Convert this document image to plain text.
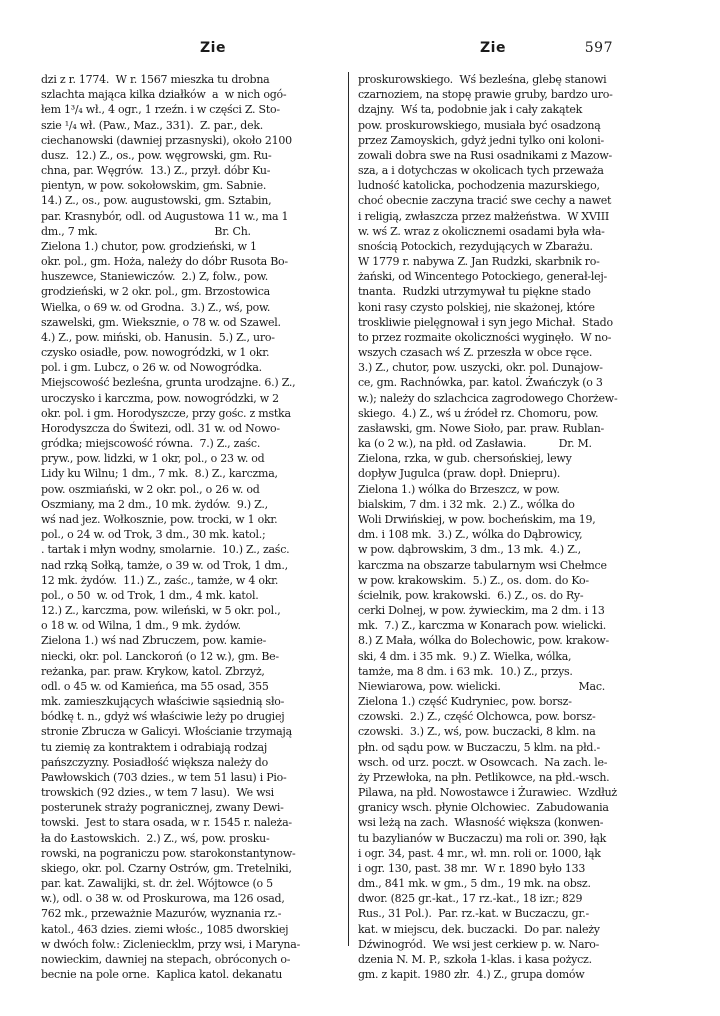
Zie	Zie	597
dzi z r. 1774.  W r. 1567 mieszka tu drobna
szlachta mająca kilka działków  a  w nich ogó-
łem 1³/₄ wł., 4 ogr., 1 rzeźn. i w części Z. Sto-
szie ¹/₄ wł. (Paw., Maz., 331).  Z. par., dek.
ciechanowski (dawniej przasnyski), około 2100
dusz.  12.) Z., os., pow. węgrowski, gm. Ru-
chna, par. Węgrów.  13.) Z., przył. dóbr Ku-
pientyn, w pow. sokołowskim, gm. Sabnie.
14.) Z., os., pow. augustowski, gm. Sztabin,
par. Krasnybór, odl. od Augustowa 11 w., ma 1
dm., 7 mk.                                    Br. Ch.
Zielona 1.) chutor, pow. grodzieński, w 1
okr. pol., gm. Hoża, należy do dóbr Rusota Bo-
huszewce, Staniewiczów.  2.) Z, folw., pow.
grodzieński, w 2 okr. pol., gm. Brzostowica
Wielka, o 69 w. od Grodna.  3.) Z., wś, pow.
szawelski, gm. Wieksznie, o 78 w. od Szawel.
4.) Z., pow. miński, ob. Hanusin.  5.) Z., uro-
czysko osiadłe, pow. nowogródzki, w 1 okr.
pol. i gm. Lubcz, o 26 w. od Nowogródka.
Miejscowość bezleśna, grunta urodzajne. 6.) Z.,
uroczysko i karczma, pow. nowogródzki, w 2
okr. pol. i gm. Horodyszcze, przy gośc. z mstka
Horodyszcza do Świtezi, odl. 31 w. od Nowo-
gródka; miejscowość równa.  7.) Z., zaśc.
pryw., pow. lidzki, w 1 okr, pol., o 23 w. od
Lidy ku Wilnu; 1 dm., 7 mk.  8.) Z., karczma,
pow. oszmiański, w 2 okr. pol., o 26 w. od
Oszmiany, ma 2 dm., 10 mk. żydów.  9.) Z.,
wś nad jez. Wołkosznie, pow. trocki, w 1 okr.
pol., o 24 w. od Trok, 3 dm., 30 mk. katol.;
. tartak i młyn wodny, smolarnie.  10.) Z., zaśc.
nad rzką Sołką, tamże, o 39 w. od Trok, 1 dm.,
12 mk. żydów.  11.) Z., zaśc., tamże, w 4 okr.
pol., o 50  w. od Trok, 1 dm., 4 mk. katol.
12.) Z., karczma, pow. wileński, w 5 okr. pol.,
o 18 w. od Wilna, 1 dm., 9 mk. żydów.
Zielona 1.) wś nad Zbruczem, pow. kamie-
niecki, okr. pol. Lanckoroń (o 12 w.), gm. Be-
reżanka, par. praw. Krykow, katol. Zbrzyż,
odl. o 45 w. od Kamieńca, ma 55 osad, 355
mk. zamieszkujących właściwie sąsiednią sło-
bódkę t. n., gdyż wś właściwie leży po drugiej
stronie Zbrucza w Galicyi. Włościanie trzymają
tu ziemię za kontraktem i odrabiają rodzaj
pańszczyzny. Posiadłość większa należy do
Pawłowskich (703 dzies., w tem 51 lasu) i Pio-
trowskich (92 dzies., w tem 7 lasu).  We wsi
posterunek straży pogranicznej, zwany Dewi-
towski.  Jest to stara osada, w r. 1545 r. należa-
ła do Łastowskich.  2.) Z., wś, pow. prosku-
rowski, na pograniczu pow. starokonstantynow-
skiego, okr. pol. Czarny Ostrów, gm. Tretelniki,
par. kat. Zawalijki, st. dr. żel. Wójtowce (o 5
w.), odl. o 38 w. od Proskurowa, ma 126 osad,
762 mk., przeważnie Mazurów, wyznania rz.-
katol., 463 dzies. ziemi włośc., 1085 dworskiej
w dwóch folw.: Zicleniecklm, przy wsi, i Maryna-
nowieckim, dawniej na stepach, obróconych o-
becnie na pole orne.  Kaplica katol. dekanatu
proskurowskiego.  Wś bezleśna, glebę stanowi
czarnoziem, na stopę prawie gruby, bardzo uro-
dzajny.  Wś ta, podobnie jak i cały zakątek
pow. proskurowskiego, musiała być osadzoną
przez Zamoyskich, gdyż jedni tylko oni koloni-
zowali dobra swe na Rusi osadnikami z Mazow-
sza, a i dotychczas w okolicach tych przeważa
ludność katolicka, pochodzenia mazurskiego,
choć obecnie zaczyna tracić swe cechy a nawet
i religią, zwłaszcza przez małżeństwa.  W XVIII
w. wś Z. wraz z okolicznemi osadami była wła-
snością Potockich, rezydujących w Zbarażu.
W 1779 r. nabywa Z. Jan Rudzki, skarbnik ro-
żański, od Wincentego Potockiego, generał-lej-
tnanta.  Rudzki utrzymywał tu piękne stado
koni rasy czysto polskiej, nie skażonej, które
troskliwie pielęgnował i syn jego Michał.  Stado
to przez rozmaite okoliczności wyginęło.  W no-
wszych czasach wś Z. przeszła w obce ręce.
3.) Z., chutor, pow. uszycki, okr. pol. Dunajow-
ce, gm. Rachnówka, par. katol. Żwańczyk (o 3
w.); należy do szlachcica zagrodowego Chorżew-
skiego.  4.) Z., wś u źródeł rz. Chomoru, pow.
zasławski, gm. Nowe Sioło, par. praw. Rublan-
ka (o 2 w.), na płd. od Zasławia.          Dr. M.
Zielona, rzka, w gub. chersońskiej, lewy
dopływ Jugulca (praw. dopł. Dniepru).
Zielona 1.) wólka do Brzeszcz, w pow.
bialskim, 7 dm. i 32 mk.  2.) Z., wólka do
Woli Drwińskiej, w pow. bocheńskim, ma 19,
dm. i 108 mk.  3.) Z., wólka do Dąbrowicy,
w pow. dąbrowskim, 3 dm., 13 mk.  4.) Z.,
karczma na obszarze tabularnym wsi Chełmce
w pow. krakowskim.  5.) Z., os. dom. do Ko-
ścielnik, pow. krakowski.  6.) Z., os. do Ry-
cerki Dolnej, w pow. żywieckim, ma 2 dm. i 13
mk.  7.) Z., karczma w Konarach pow. wielicki.
8.) Z Mała, wólka do Bolechowic, pow. krakow-
ski, 4 dm. i 35 mk.  9.) Z. Wielka, wólka,
tamże, ma 8 dm. i 63 mk.  10.) Z., przys.
Niewiarowa, pow. wielicki.                        Mac.
Zielona 1.) część Kudryniec, pow. borsz-
czowski.  2.) Z., część Olchowca, pow. borsz-
czowski.  3.) Z., wś, pow. buczacki, 8 klm. na
płn. od sądu pow. w Buczaczu, 5 klm. na płd.-
wsch. od urz. poczt. w Osowcach.  Na zach. le-
ży Przewłoka, na płn. Petlikowce, na płd.-wsch.
Pilawa, na płd. Nowostawce i Żurawiec.  Wzdłuż
granicy wsch. płynie Olchowiec.  Zabudowania
wsi leżą na zach.  Własność większa (konwen-
tu bazylianów w Buczaczu) ma roli or. 390, łąk
i ogr. 34, past. 4 mr., wł. mn. roli or. 1000, łąk
i ogr. 130, past. 38 mr.  W r. 1890 było 133
dm., 841 mk. w gm., 5 dm., 19 mk. na obsz.
dwor. (825 gr.-kat., 17 rz.-kat., 18 izr.; 829
Rus., 31 Pol.).  Par. rz.-kat. w Buczaczu, gr.-
kat. w miejscu, dek. buczacki.  Do par. należy
Dźwinogród.  We wsi jest cerkiew p. w. Naro-
dzenia N. M. P., szkoła 1-klas. i kasa pożycz.
gm. z kapit. 1980 złr.  4.) Z., grupa domów
